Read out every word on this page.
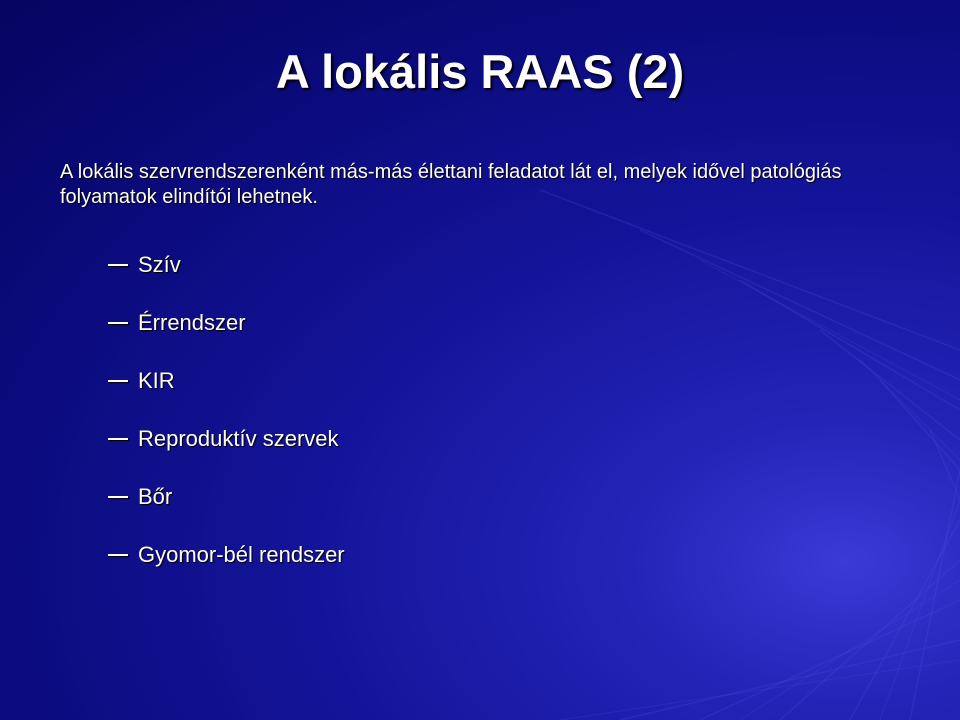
A lokális RAAS (2)
A lokális szervrendszerenként más-más élettani feladatot lát el, melyek idővel patológiás folyamatok elindítói lehetnek.
Szív
Érrendszer
KIR
Reproduktív szervek
Bőr
Gyomor-bél rendszer
